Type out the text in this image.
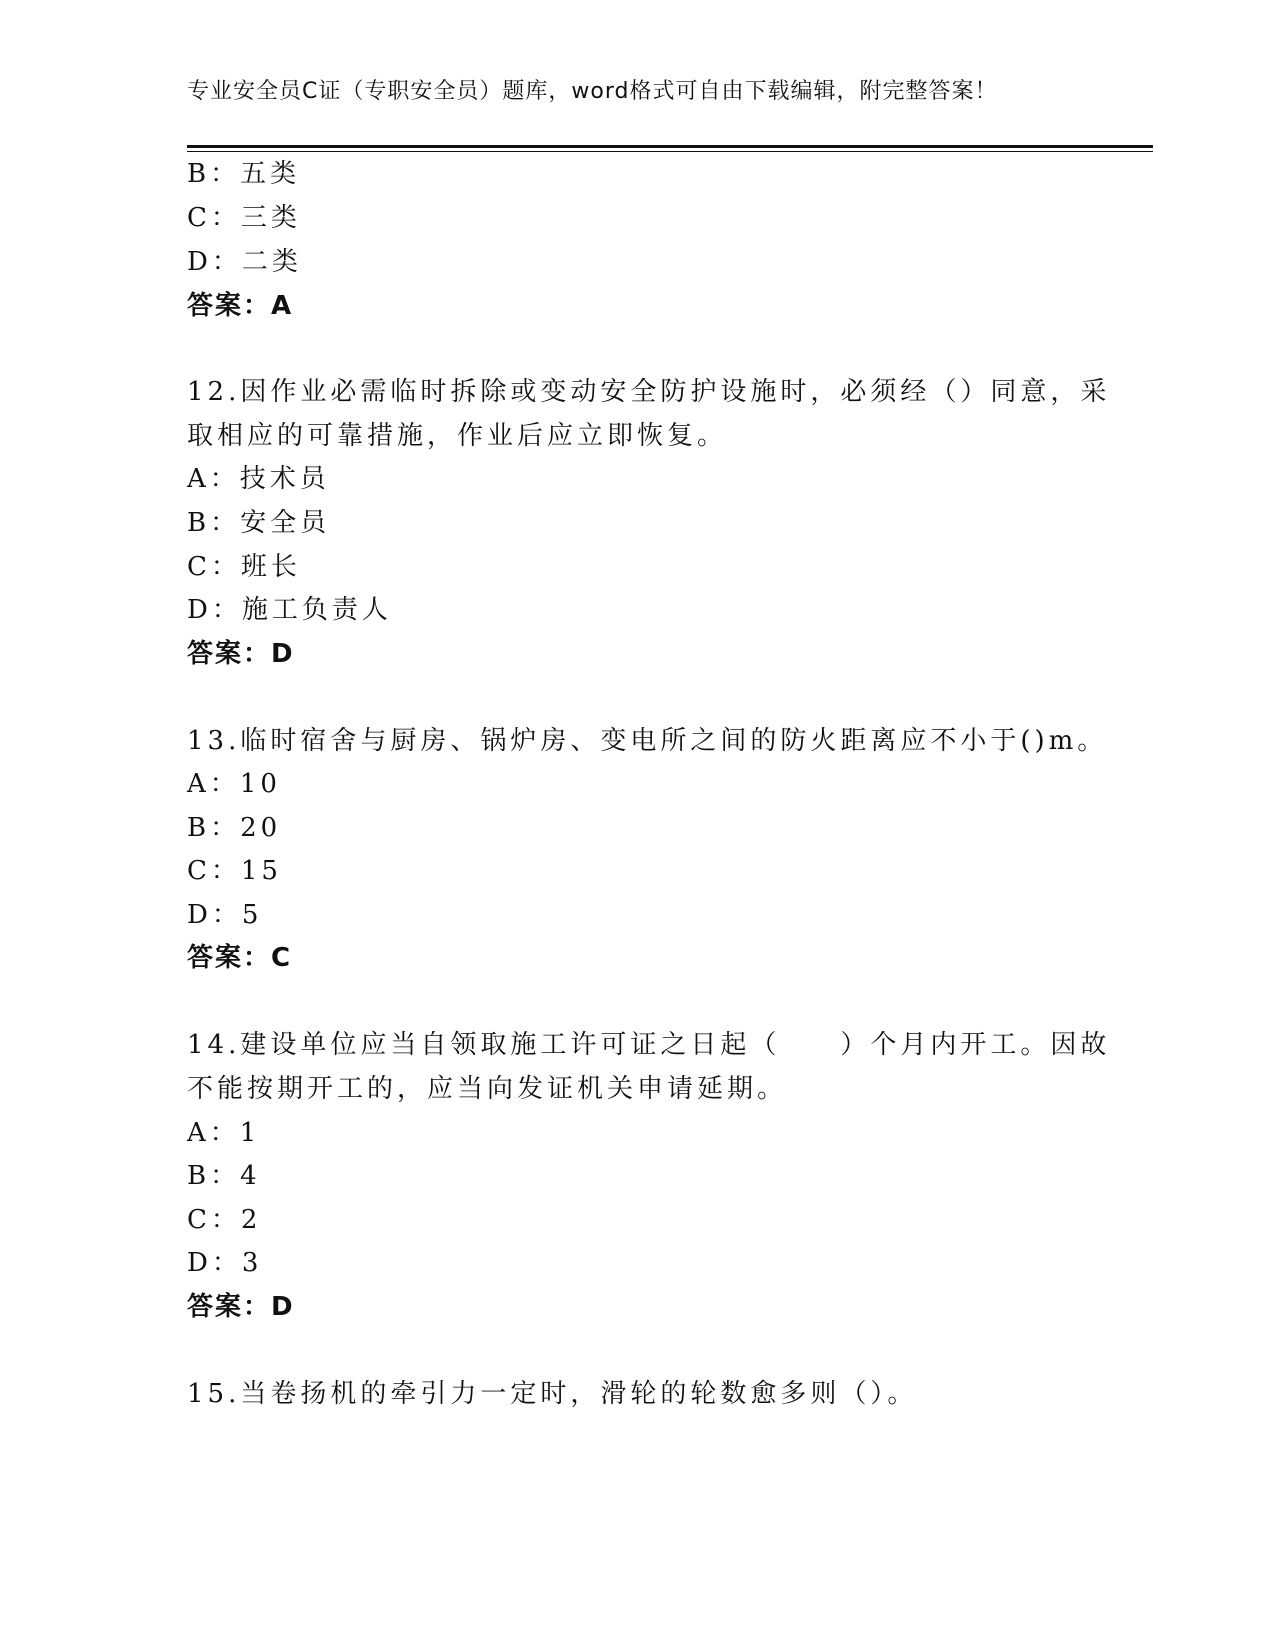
专业安全员C证（专职安全员）题库，word格式可自由下载编辑，附完整答案！
B：五类
C：三类
D：二类
答案：A
12.因作业必需临时拆除或变动安全防护设施时，必须经（）同意，采
取相应的可靠措施，作业后应立即恢复。
A：技术员
B：安全员
C：班长
D：施工负责人
答案：D
13.临时宿舍与厨房、锅炉房、变电所之间的防火距离应不小于()m。
A：10
B：20
C：15
D：5
答案：C
14.建设单位应当自领取施工许可证之日起（　　）个月内开工。因故
不能按期开工的，应当向发证机关申请延期。
A：1
B：4
C：2
D：3
答案：D
15.当卷扬机的牵引力一定时，滑轮的轮数愈多则（）。
